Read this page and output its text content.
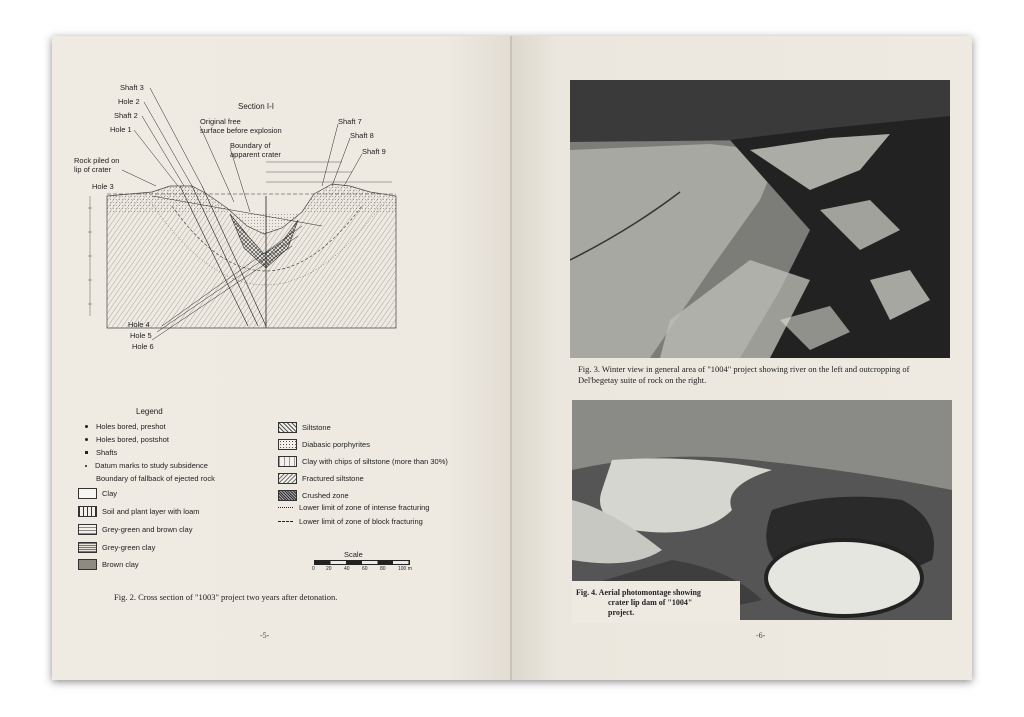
Section I-I
Shaft 3
Hole 2
Shaft 2
Hole 1
Rock piled on
lip of crater
Hole 3
Original free
surface before explosion
Boundary of
apparent crater
Shaft 7
Shaft 8
Shaft 9
Hole 4
Hole 5
Hole 6
Legend
Holes bored, preshot
Holes bored, postshot
Shafts
Datum marks to study subsidence
Boundary of fallback of ejected rock
Clay
Soil and plant layer with loam
Grey-green and brown clay
Grey-green clay
Brown clay
Siltstone
Diabasic porphyrites
Clay with chips of siltstone (more than 30%)
Fractured siltstone
Crushed zone
Lower limit of zone of intense fracturing
Lower limit of zone of block fracturing
Scale
0 20 40 60 80 100 m
Fig. 2. Cross section of "1003" project two years after detonation.
-5-
Fig. 3. Winter view in general area of "1004" project showing river on the left and outcropping of Del'begetay suite of rock on the right.
Fig. 4. Aerial photomontage showing
crater lip dam of "1004"
project.
-6-
